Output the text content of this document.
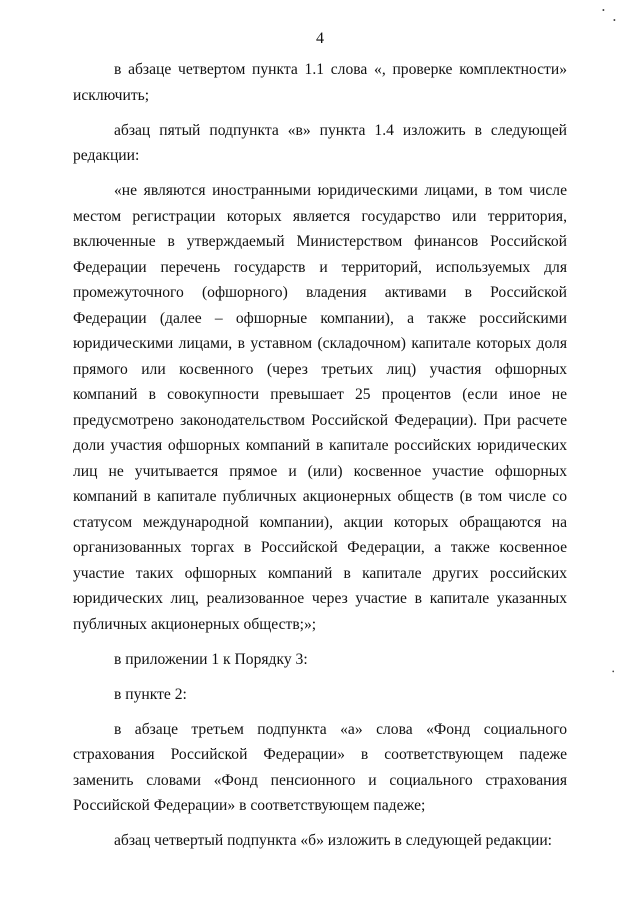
4
•
•
•

в абзаце четвертом пункта 1.1 слова «, проверке комплектности» исключить;

абзац пятый подпункта «в» пункта 1.4 изложить в следующей редакции:

«не являются иностранными юридическими лицами, в том числе местом регистрации которых является государство или территория, включенные в утверждаемый Министерством финансов Российской Федерации перечень государств и территорий, используемых для промежуточного (офшорного) владения активами в Российской Федерации (далее – офшорные компании), а также российскими юридическими лицами, в уставном (складочном) капитале которых доля прямого или косвенного (через третьих лиц) участия офшорных компаний в совокупности превышает 25 процентов (если иное не предусмотрено законодательством Российской Федерации). При расчете доли участия офшорных компаний в капитале российских юридических лиц не учитывается прямое и (или) косвенное участие офшорных компаний в капитале публичных акционерных обществ (в том числе со статусом международной компании), акции которых обращаются на организованных торгах в Российской Федерации, а также косвенное участие таких офшорных компаний в капитале других российских юридических лиц, реализованное через участие в капитале указанных публичных акционерных обществ;»;

в приложении 1 к Порядку 3:

в пункте 2:

в абзаце третьем подпункта «а» слова «Фонд социального страхования Российской Федерации» в соответствующем падеже заменить словами «Фонд пенсионного и социального страхования Российской Федерации» в соответствующем падеже;

абзац четвертый подпункта «б» изложить в следующей редакции:
